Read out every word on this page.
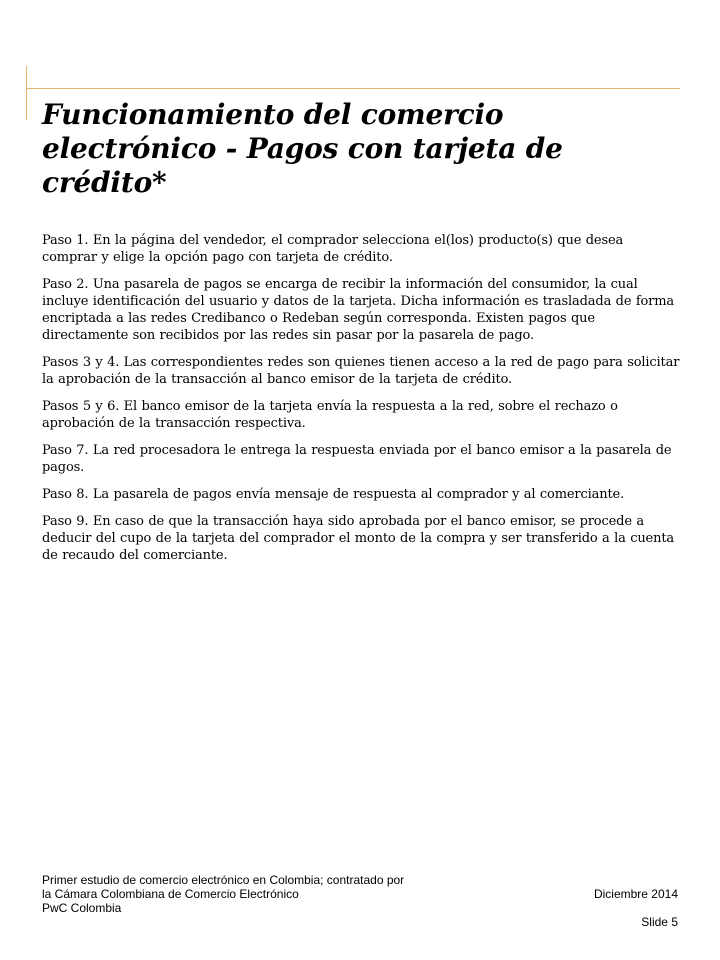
Funcionamiento del comercio electrónico - Pagos con tarjeta de crédito*

Paso 1. En la página del vendedor, el comprador selecciona el(los) producto(s) que desea comprar y elige la opción pago con tarjeta de crédito.

Paso 2. Una pasarela de pagos se encarga de recibir la información del consumidor, la cual incluye identificación del usuario y datos de la tarjeta. Dicha información es trasladada de forma encriptada a las redes Credibanco o Redeban según corresponda. Existen pagos que directamente son recibidos por las redes sin pasar por la pasarela de pago.

Pasos 3 y 4. Las correspondientes redes son quienes tienen acceso a la red de pago para solicitar la aprobación de la transacción al banco emisor de la tarjeta de crédito.

Pasos 5 y 6. El banco emisor de la tarjeta envía la respuesta a la red, sobre el rechazo o aprobación de la transacción respectiva.

Paso 7. La red procesadora le entrega la respuesta enviada por el banco emisor a la pasarela de pagos.

Paso 8. La pasarela de pagos envía mensaje de respuesta al comprador y al comerciante.

Paso 9. En caso de que la transacción haya sido aprobada por el banco emisor, se procede a deducir del cupo de la tarjeta del comprador el monto de la compra y ser transferido a la cuenta de recaudo del comerciante.

Primer estudio de comercio electrónico en Colombia; contratado por
la Cámara Colombiana de Comercio Electrónico
PwC Colombia
Diciembre 2014
Slide 5
